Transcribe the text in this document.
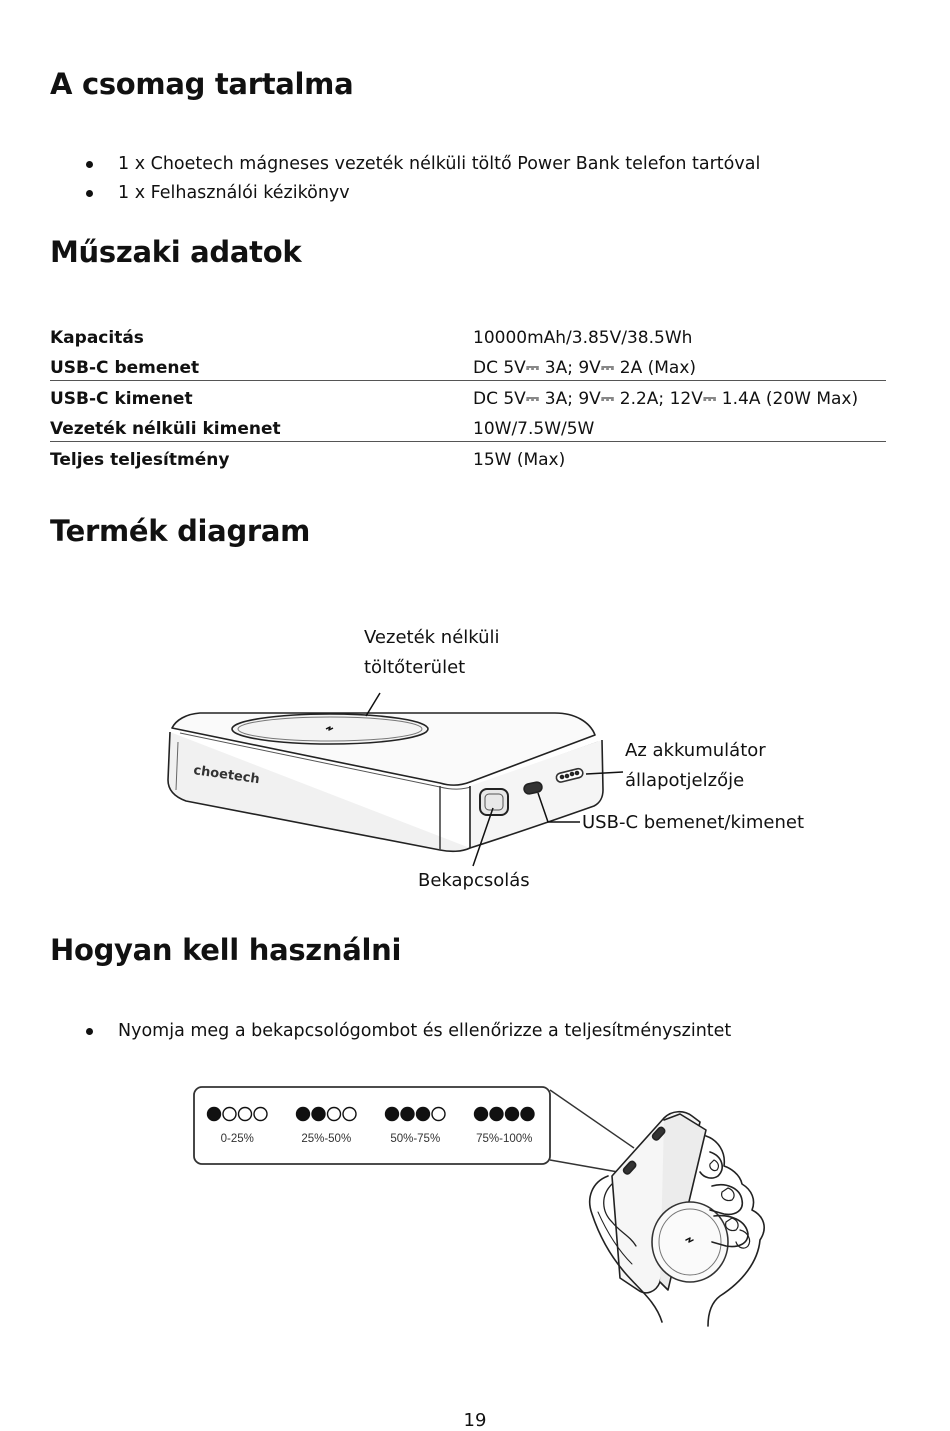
A csomag tartalma
1 x Choetech mágneses vezeték nélküli töltő Power Bank telefon tartóval
1 x Felhasználói kézikönyv
Műszaki adatok
Kapacitás	10000mAh/3.85V/38.5Wh
USB-C bemenet	DC 5V⎓ 3A; 9V⎓ 2A (Max)
USB-C kimenet	DC 5V⎓ 3A; 9V⎓ 2.2A; 12V⎓ 1.4A (20W Max)
Vezeték nélküli kimenet	10W/7.5W/5W
Teljes teljesítmény	15W (Max)
Termék diagram
Vezeték nélküli
töltőterület
Az akkumulátor
állapotjelzője
USB-C bemenet/kimenet
Bekapcsolás
choetech
Hogyan kell használni
Nyomja meg a bekapcsológombot és ellenőrizze a teljesítményszintet
0-25%	25%-50%	50%-75%	75%-100%
19
